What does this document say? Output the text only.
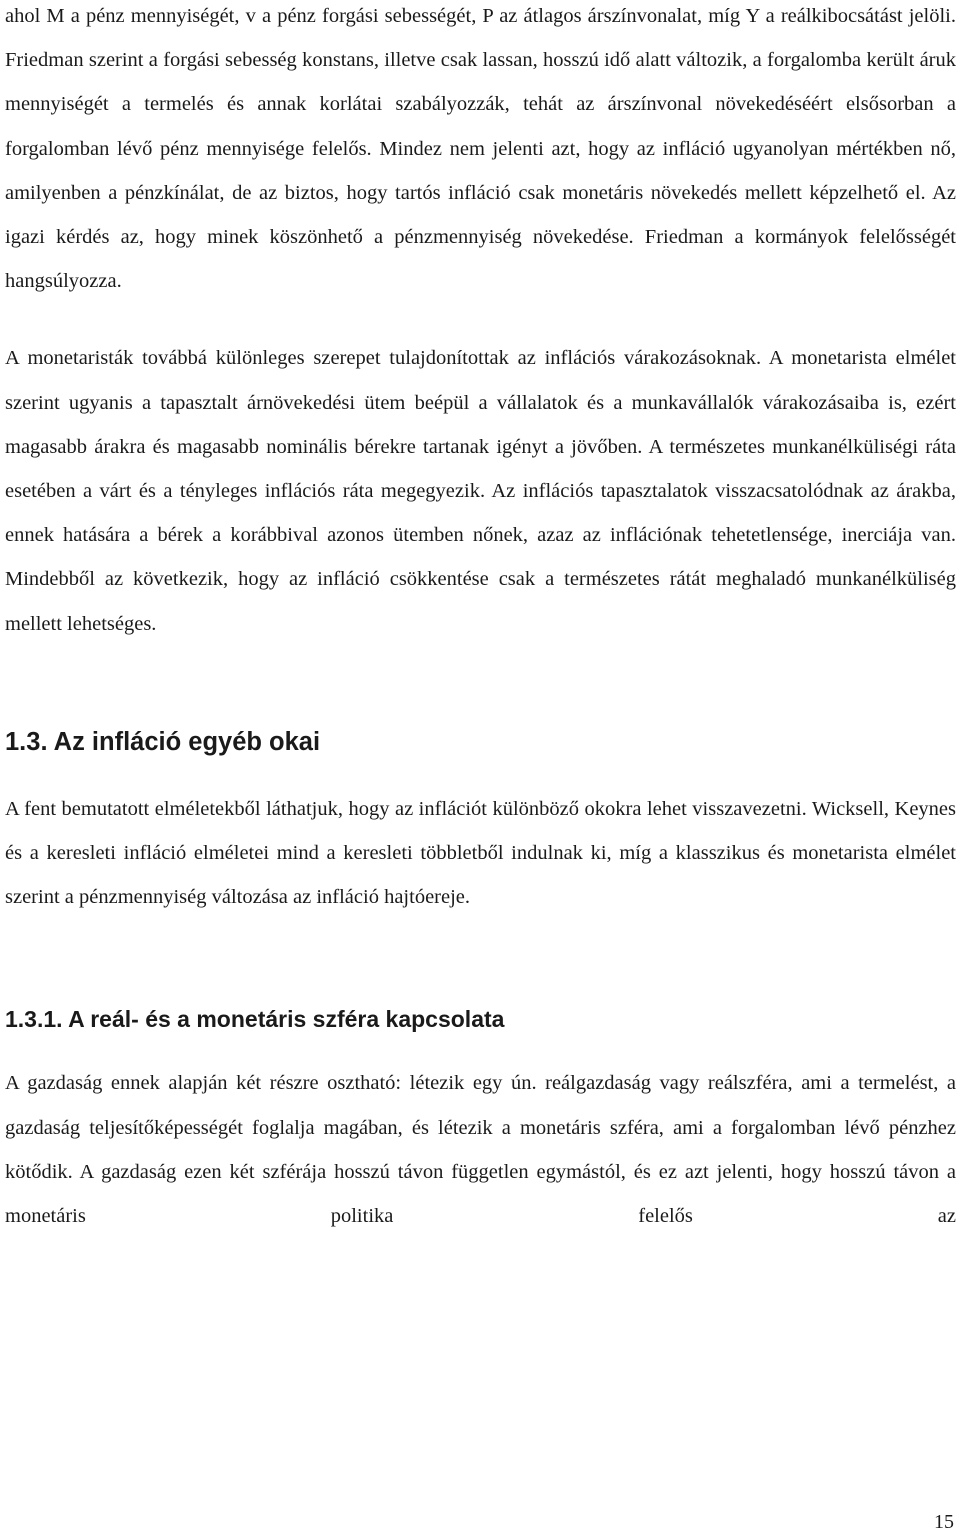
ahol M a pénz mennyiségét, v a pénz forgási sebességét, P az átlagos árszínvonalat, míg Y a reálkibocsátást jelöli. Friedman szerint a forgási sebesség konstans, illetve csak lassan, hosszú idő alatt változik, a forgalomba került áruk mennyiségét a termelés és annak korlátai szabályozzák, tehát az árszínvonal növekedéséért elsősorban a forgalomban lévő pénz mennyisége felelős. Mindez nem jelenti azt, hogy az infláció ugyanolyan mértékben nő, amilyenben a pénzkínálat, de az biztos, hogy tartós infláció csak monetáris növekedés mellett képzelhető el. Az igazi kérdés az, hogy minek köszönhető a pénzmennyiség növekedése. Friedman a kormányok felelősségét hangsúlyozza.

A monetaristák továbbá különleges szerepet tulajdonítottak az inflációs várakozásoknak. A monetarista elmélet szerint ugyanis a tapasztalt árnövekedési ütem beépül a vállalatok és a munkavállalók várakozásaiba is, ezért magasabb árakra és magasabb nominális bérekre tartanak igényt a jövőben. A természetes munkanélküliségi ráta esetében a várt és a tényleges inflációs ráta megegyezik. Az inflációs tapasztalatok visszacsatolódnak az árakba, ennek hatására a bérek a korábbival azonos ütemben nőnek, azaz az inflációnak tehetetlensége, inerciája van. Mindebből az következik, hogy az infláció csökkentése csak a természetes rátát meghaladó munkanélküliség mellett lehetséges.

1.3. Az infláció egyéb okai

A fent bemutatott elméletekből láthatjuk, hogy az inflációt különböző okokra lehet visszavezetni. Wicksell, Keynes és a keresleti infláció elméletei mind a keresleti többletből indulnak ki, míg a klasszikus és monetarista elmélet szerint a pénzmennyiség változása az infláció hajtóereje.

1.3.1. A reál- és a monetáris szféra kapcsolata

A gazdaság ennek alapján két részre osztható: létezik egy ún. reálgazdaság vagy reálszféra, ami a termelést, a gazdaság teljesítőképességét foglalja magában, és létezik a monetáris szféra, ami a forgalomban lévő pénzhez kötődik. A gazdaság ezen két szférája hosszú távon független egymástól, és ez azt jelenti, hogy hosszú távon a monetáris politika felelős az

15
